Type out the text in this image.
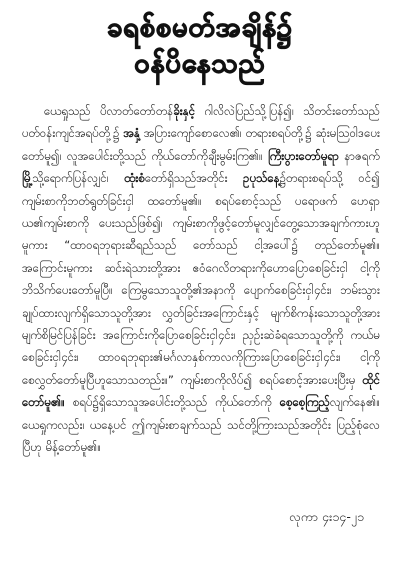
ခရစ်စမတ်အချိန်၌
ဝန်ပိနေသည်

ယေရှုသည် ပိလာတ်တော်တန်ခိုးနှင့် ဂါလိလဲပြည်သို့ပြန်၍၊ သိတင်းတော်သည် ပတ်ဝန်းကျင်အရပ်တို့၌ အနှံ့ အပြားကျော်စောလေ၏၊ တရားစရပ်တို့၌ ဆုံးမဩဝါဒပေးတော်မူ၍၊ လူအပေါင်းတို့သည် ကိုယ်တော်ကိုချီးမွမ်းကြ၏။ ကြီးပွားတော်မူရာ နာဇရက်မြို့သို့ရောက်ပြန်လျှင်၊ ထုံးစံတော်ရှိသည်အတိုင်း ဥပုသ်နေ့၌တရားစရပ်သို့ ဝင်၍ ကျမ်းစာကိုဘတ်ရွတ်ခြင်းငှါ ထတော်မူ၏။ စရပ်စောင့်သည် ပရောဖက် ဟေရှာယ၏ကျမ်းစာကို ပေးသည်ဖြစ်၍၊ ကျမ်းစာကိုဖွင့်တော်မူလျှင်တွေ့သောအချက်ကားဟူမူကား “ထာဝရဘုရားဆီရည်သည် တော်သည် ငါ့အပေါ်၌ တည်တော်မူ၏။ အကြောင်းမူကား ဆင်းရဲသားတို့အား ဧဝံဂေလိတရားကိုဟောပြောစေခြင်းငှါ ငါ့ကို ဘိသိက်ပေးတော်မူပြီ။ ကြေမွသောသူတို့၏အနာကို ပျောက်စေခြင်းငှါ၄င်း၊ ဘမ်းသွားချုပ်ထားလျက်ရှိသောသူတို့အား လွှတ်ခြင်းအကြောင်းနှင့် မျက်စိကန်းသောသူတို့အား မျက်စိမြင်ပြန်ခြင်း အကြောင်းကိုပြောစေခြင်းငှါ၄င်း၊ ညှဉ်းဆဲခံရသောသူတို့ကို ကယ်မစေခြင်းငှါ၄င်း၊ ထာဝရဘုရား၏မင်္ဂလာနှစ်ကာလကိုကြားပြောစေခြင်းငှါ၄င်း၊ ငါ့ကို စေလွှတ်တော်မူပြီဟူသောသတည်း။” ကျမ်းစာကိုလိပ်၍ စရပ်စောင့်အားပေးပြီးမှ ထိုင်တော်မူ၏။ စရပ်၌ရှိသောသူအပေါင်းတို့သည် ကိုယ်တော်ကို စေ့စေ့ကြည့်လျက်နေ၏။ ယေရှုကလည်း၊ ယနေ့ပင် ဤကျမ်းစာချက်သည် သင်တို့ကြားသည်အတိုင်း ပြည့်စုံလေပြီဟု မိန့်တော်မူ၏။

လုကာ ၄း၁၄-၂၁
